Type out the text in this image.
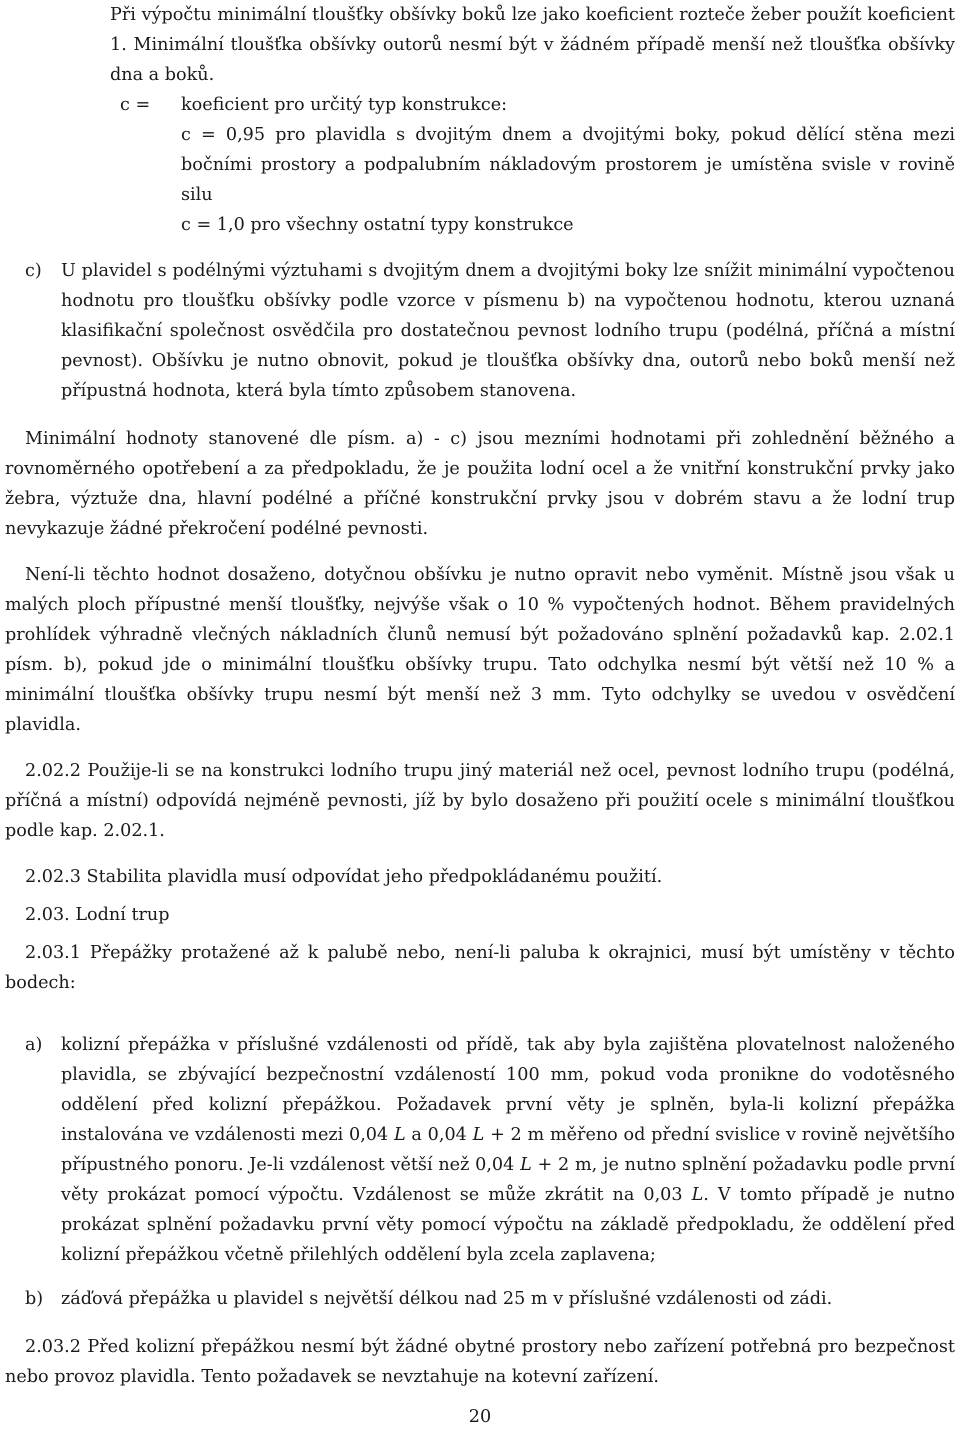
Při výpočtu minimální tloušťky obšívky boků lze jako koeficient rozteče žeber použít koeficient 1. Minimální tloušťka obšívky outorů nesmí být v žádném případě menší než tloušťka obšívky dna a boků.

c = koeficient pro určitý typ konstrukce:

c = 0,95 pro plavidla s dvojitým dnem a dvojitými boky, pokud dělící stěna mezi bočními prostory a podpalubním nákladovým prostorem je umístěna svisle v rovině silu

c = 1,0 pro všechny ostatní typy konstrukce

c) U plavidel s podélnými výztuhami s dvojitým dnem a dvojitými boky lze snížit minimální vypočtenou hodnotu pro tloušťku obšívky podle vzorce v písmenu b) na vypočtenou hodnotu, kterou uznaná klasifikační společnost osvědčila pro dostatečnou pevnost lodního trupu (podélná, příčná a místní pevnost). Obšívku je nutno obnovit, pokud je tloušťka obšívky dna, outorů nebo boků menší než přípustná hodnota, která byla tímto způsobem stanovena.

Minimální hodnoty stanovené dle písm. a) - c) jsou mezními hodnotami při zohlednění běžného a rovnoměrného opotřebení a za předpokladu, že je použita lodní ocel a že vnitřní konstrukční prvky jako žebra, výztuže dna, hlavní podélné a příčné konstrukční prvky jsou v dobrém stavu a že lodní trup nevykazuje žádné překročení podélné pevnosti.

Není-li těchto hodnot dosaženo, dotyčnou obšívku je nutno opravit nebo vyměnit. Místně jsou však u malých ploch přípustné menší tloušťky, nejvýše však o 10 % vypočtených hodnot. Během pravidelných prohlídek výhradně vlečných nákladních člunů nemusí být požadováno splnění požadavků kap. 2.02.1 písm. b), pokud jde o minimální tloušťku obšívky trupu. Tato odchylka nesmí být větší než 10 % a minimální tloušťka obšívky trupu nesmí být menší než 3 mm. Tyto odchylky se uvedou v osvědčení plavidla.

2.02.2 Použije-li se na konstrukci lodního trupu jiný materiál než ocel, pevnost lodního trupu (podélná, příčná a místní) odpovídá nejméně pevnosti, jíž by bylo dosaženo při použití ocele s minimální tloušťkou podle kap. 2.02.1.

2.02.3 Stabilita plavidla musí odpovídat jeho předpokládanému použití.

2.03. Lodní trup

2.03.1 Přepážky protažené až k palubě nebo, není-li paluba k okrajnici, musí být umístěny v těchto bodech:

a) kolizní přepážka v příslušné vzdálenosti od přídě, tak aby byla zajištěna plovatelnost naloženého plavidla, se zbývající bezpečnostní vzdáleností 100 mm, pokud voda pronikne do vodotěsného oddělení před kolizní přepážkou. Požadavek první věty je splněn, byla-li kolizní přepážka instalována ve vzdálenosti mezi 0,04 L a 0,04 L + 2 m měřeno od přední svislice v rovině největšího přípustného ponoru. Je-li vzdálenost větší než 0,04 L + 2 m, je nutno splnění požadavku podle první věty prokázat pomocí výpočtu. Vzdálenost se může zkrátit na 0,03 L. V tomto případě je nutno prokázat splnění požadavku první věty pomocí výpočtu na základě předpokladu, že oddělení před kolizní přepážkou včetně přilehlých oddělení byla zcela zaplavena;

b) záďová přepážka u plavidel s největší délkou nad 25 m v příslušné vzdálenosti od zádi.

2.03.2 Před kolizní přepážkou nesmí být žádné obytné prostory nebo zařízení potřebná pro bezpečnost nebo provoz plavidla. Tento požadavek se nevztahuje na kotevní zařízení.

20
